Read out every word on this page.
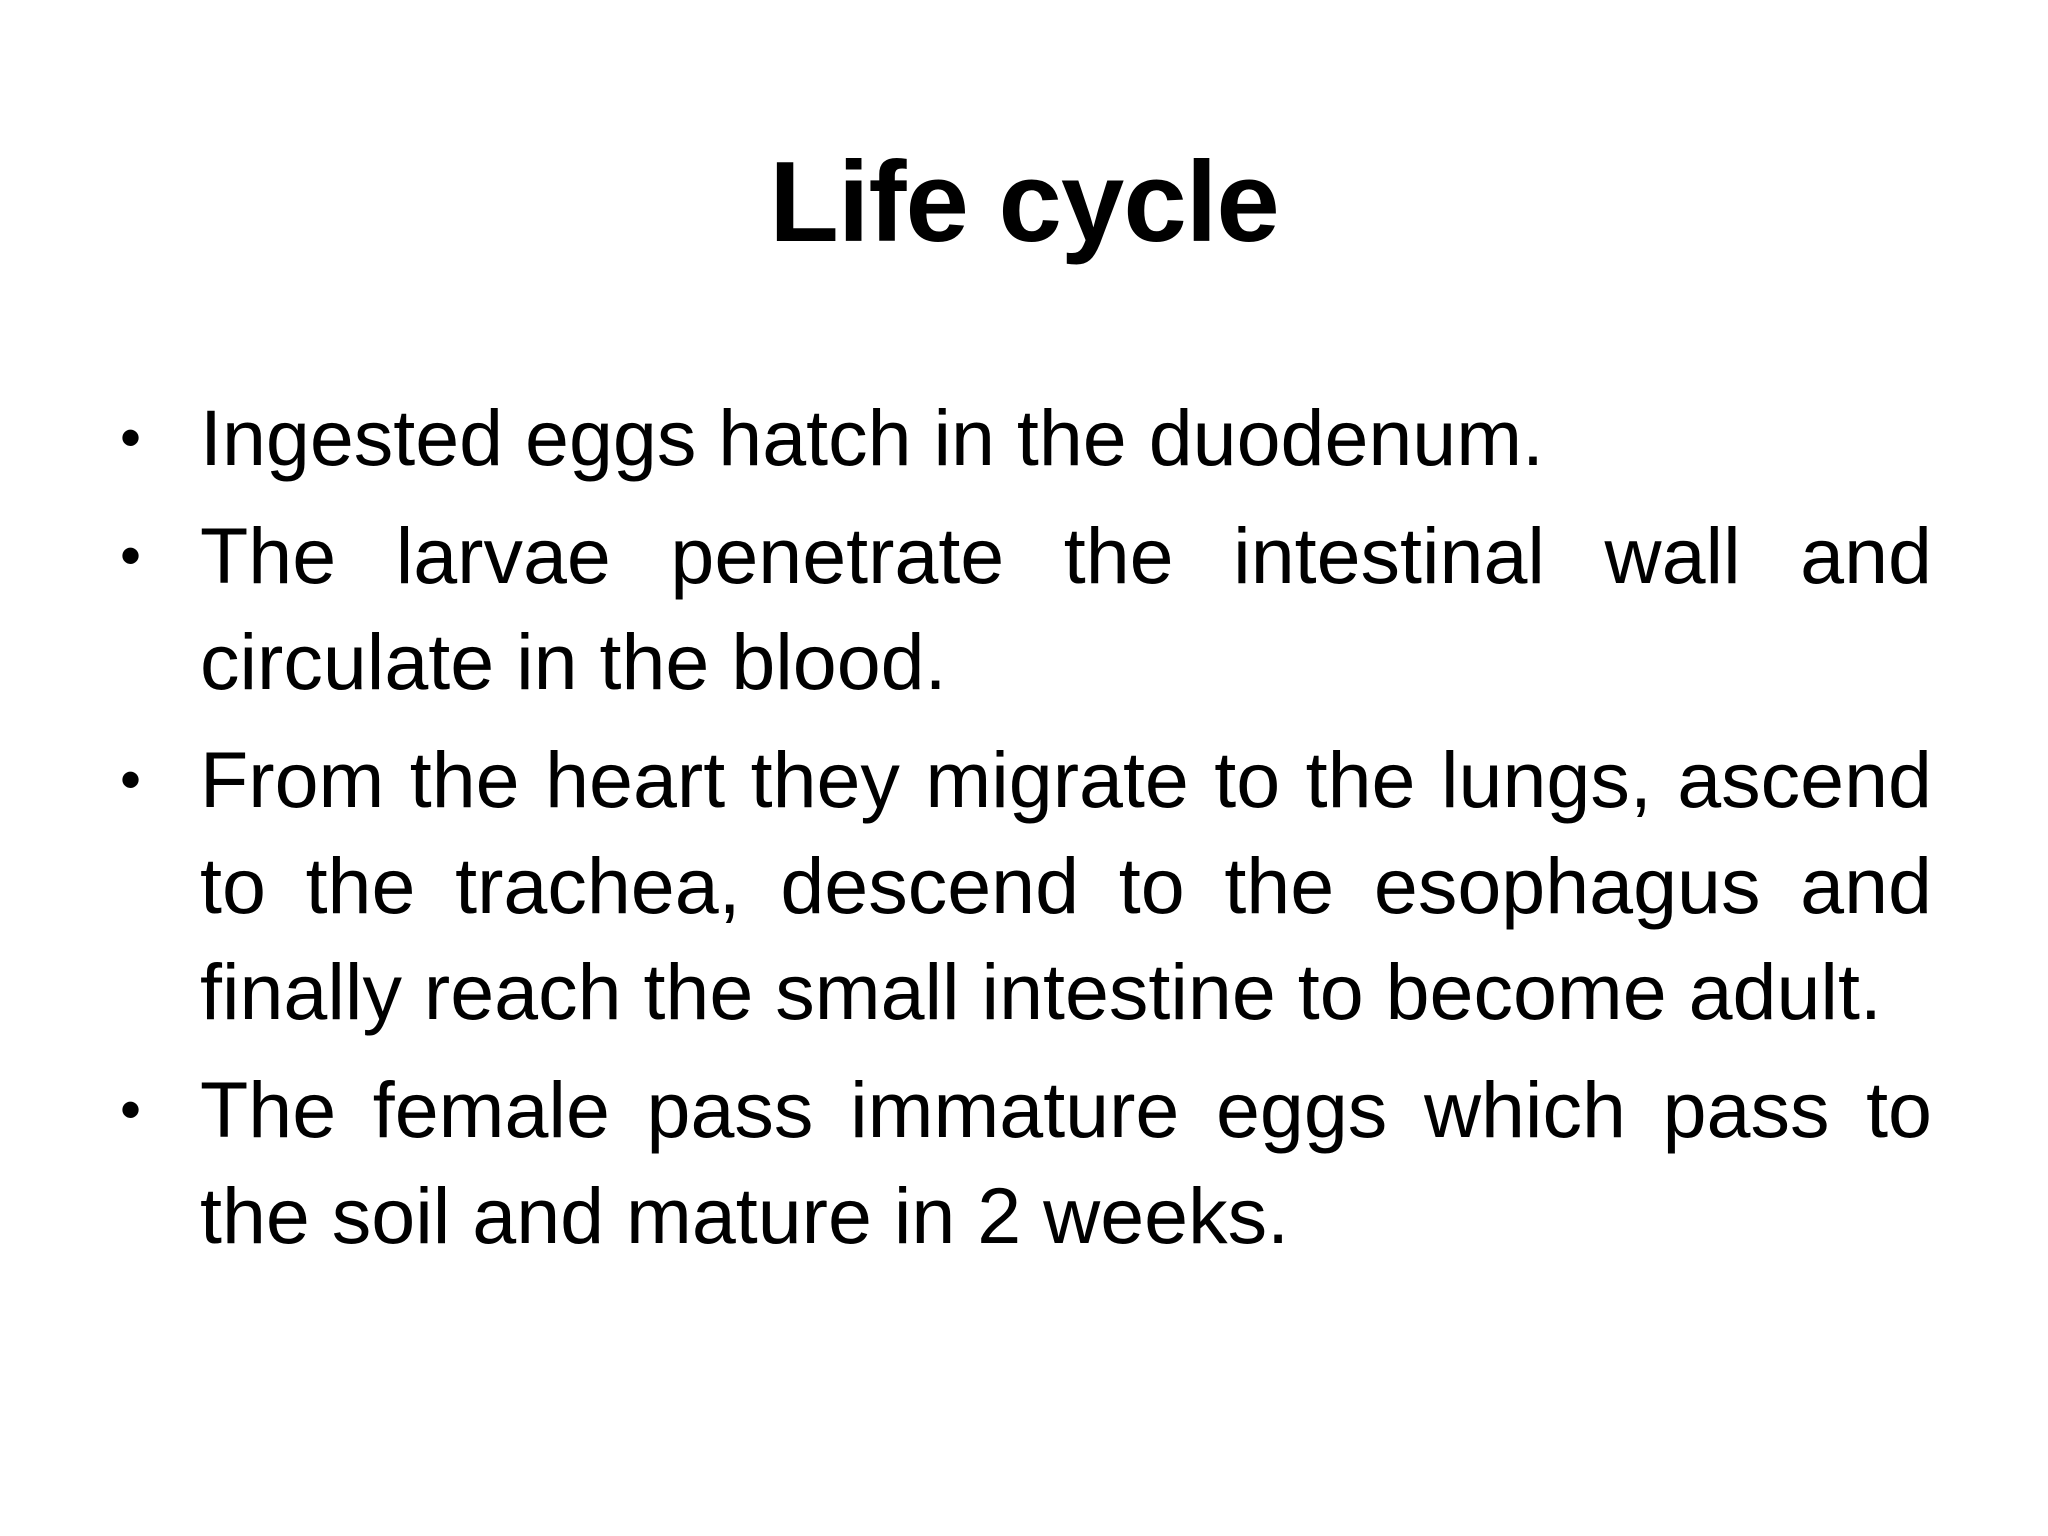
Life cycle
• Ingested eggs hatch in the duodenum.
• The larvae penetrate the intestinal wall and circulate in the blood.
• From the heart they migrate to the lungs, ascend to the trachea, descend to the esophagus and finally reach the small intestine to become adult.
• The female pass immature eggs which pass to the soil and mature in 2 weeks.
